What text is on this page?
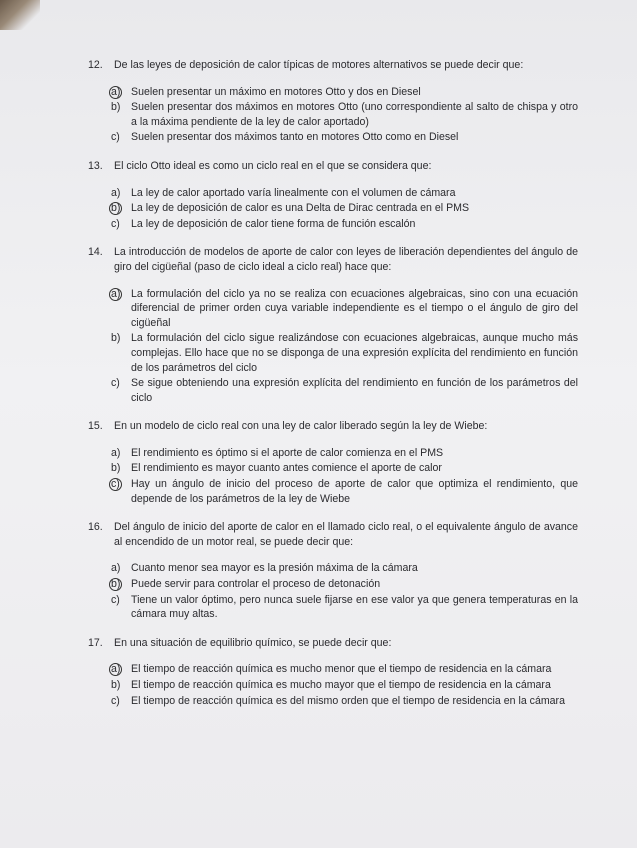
12.	De las leyes de deposición de calor típicas de motores alternativos se puede decir que:
a) Suelen presentar un máximo en motores Otto y dos en Diesel
b) Suelen presentar dos máximos en motores Otto (uno correspondiente al salto de chispa y otro a la máxima pendiente de la ley de calor aportado)
c)	Suelen presentar dos máximos tanto en motores Otto como en Diesel
13.	El ciclo Otto ideal es como un ciclo real en el que se considera que:
a) La ley de calor aportado varía linealmente con el volumen de cámara
b) La ley de deposición de calor es una Delta de Dirac centrada en el PMS
c)	La ley de deposición de calor tiene forma de función escalón
14.	La introducción de modelos de aporte de calor con leyes de liberación dependientes del ángulo de giro del cigüeñal (paso de ciclo ideal a ciclo real) hace que:
a) La formulación del ciclo ya no se realiza con ecuaciones algebraicas, sino con una ecuación diferencial de primer orden cuya variable independiente es el tiempo o el ángulo de giro del cigüeñal
b) La formulación del ciclo sigue realizándose con ecuaciones algebraicas, aunque mucho más complejas. Ello hace que no se disponga de una expresión explícita del rendimiento en función de los parámetros del ciclo
c)	Se sigue obteniendo una expresión explícita del rendimiento en función de los parámetros del ciclo
15.	En un modelo de ciclo real con una ley de calor liberado según la ley de Wiebe:
a) El rendimiento es óptimo si el aporte de calor comienza en el PMS
b) El rendimiento es mayor cuanto antes comience el aporte de calor
c)	Hay un ángulo de inicio del proceso de aporte de calor que optimiza el rendimiento, que depende de los parámetros de la ley de Wiebe
16.	Del ángulo de inicio del aporte de calor en el llamado ciclo real, o el equivalente ángulo de avance al encendido de un motor real, se puede decir que:
a) Cuanto menor sea mayor es la presión máxima de la cámara
b) Puede servir para controlar el proceso de detonación
c)	Tiene un valor óptimo, pero nunca suele fijarse en ese valor ya que genera temperaturas en la cámara muy altas.
17.	En una situación de equilibrio químico, se puede decir que:
a) El tiempo de reacción química es mucho menor que el tiempo de residencia en la cámara
b) El tiempo de reacción química es mucho mayor que el tiempo de residencia en la cámara
c)	El tiempo de reacción química es del mismo orden que el tiempo de residencia en la cámara
